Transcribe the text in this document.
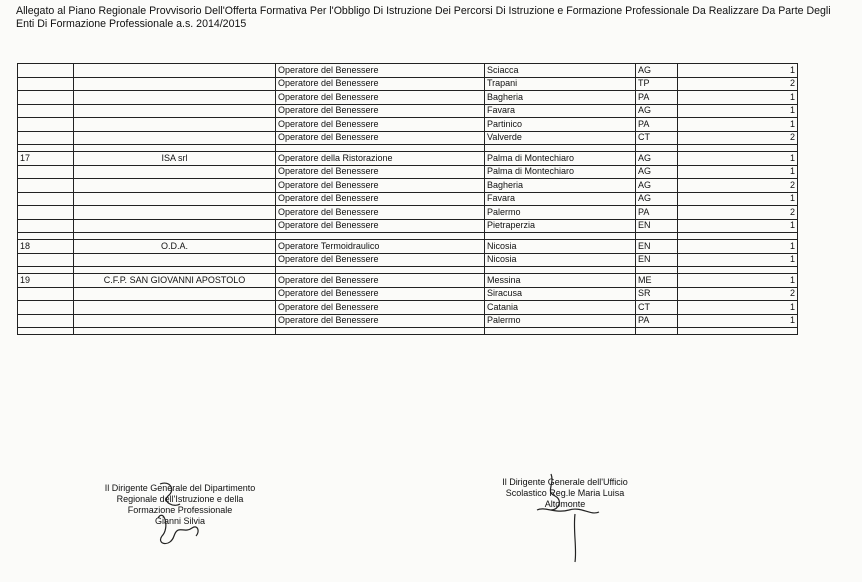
Allegato al Piano Regionale Provvisorio Dell'Offerta Formativa Per l'Obbligo Di Istruzione Dei Percorsi Di Istruzione e Formazione Professionale Da Realizzare Da Parte Degli Enti Di Formazione Professionale a.s. 2014/2015

		Operatore del Benessere	Sciacca	AG	1
		Operatore del Benessere	Trapani	TP	2
		Operatore del Benessere	Bagheria	PA	1
		Operatore del Benessere	Favara	AG	1
		Operatore del Benessere	Partinico	PA	1
		Operatore del Benessere	Valverde	CT	2

17	ISA srl	Operatore della Ristorazione	Palma di Montechiaro	AG	1
		Operatore del Benessere	Palma di Montechiaro	AG	1
		Operatore del Benessere	Bagheria	AG	2
		Operatore del Benessere	Favara	AG	1
		Operatore del Benessere	Palermo	PA	2
		Operatore del Benessere	Pietraperzia	EN	1

18	O.D.A.	Operatore Termoidraulico	Nicosia	EN	1
		Operatore del Benessere	Nicosia	EN	1

19	C.F.P. SAN GIOVANNI APOSTOLO	Operatore del Benessere	Messina	ME	1
		Operatore del Benessere	Siracusa	SR	2
		Operatore del Benessere	Catania	CT	1
		Operatore del Benessere	Palermo	PA	1

Il Dirigente Generale del Dipartimento
Regionale dell'Istruzione e della
Formazione Professionale
Gianni Silvia
Il Dirigente Generale dell'Ufficio
Scolastico Reg.le Maria Luisa
Altomonte
